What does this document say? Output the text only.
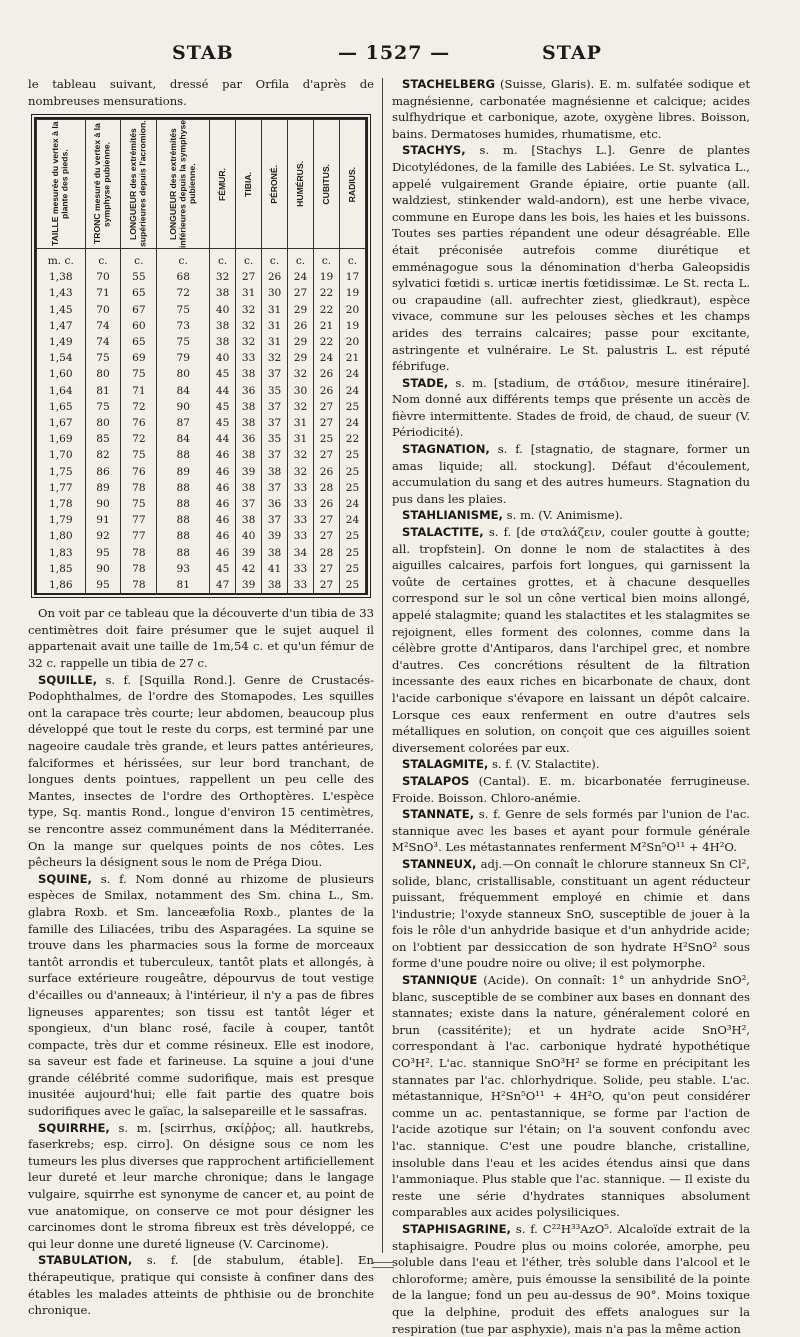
STAB	— 1527 —	STAP

le tableau suivant, dressé par Orfila d'après de nombreuses mensurations.

TAILLE mesurée du vertex à la plante des pieds.	TRONC mesuré du vertex à la symphyse pubienne.	LONGUEUR des extrémités supérieures depuis l'acromion.	LONGUEUR des extrémités inférieures depuis la symphyse pubienne.	FÉMUR.	TIBIA.	PÉRONÉ.	HUMÉRUS.	CUBITUS.	RADIUS.

m. c.	c.	c.	c.	c.	c.	c.	c.	c.	c.
1,38	70	55	68	32	27	26	24	19	17
1,43	71	65	72	38	31	30	27	22	19
1,45	70	67	75	40	32	31	29	22	20
1,47	74	60	73	38	32	31	26	21	19
1,49	74	65	75	38	32	31	29	22	20
1,54	75	69	79	40	33	32	29	24	21
1,60	80	75	80	45	38	37	32	26	24
1,64	81	71	84	44	36	35	30	26	24
1,65	75	72	90	45	38	37	32	27	25
1,67	80	76	87	45	38	37	31	27	24
1,69	85	72	84	44	36	35	31	25	22
1,70	82	75	88	46	38	37	32	27	25
1,75	86	76	89	46	39	38	32	26	25
1,77	89	78	88	46	38	37	33	28	25
1,78	90	75	88	46	37	36	33	26	24
1,79	91	77	88	46	38	37	33	27	24
1,80	92	77	88	46	40	39	33	27	25
1,83	95	78	88	46	39	38	34	28	25
1,85	90	78	93	45	42	41	33	27	25
1,86	95	78	81	47	39	38	33	27	25

On voit par ce tableau que la découverte d'un tibia de 33 centimètres doit faire présumer que le sujet auquel il appartenait avait une taille de 1m,54 c. et qu'un fémur de 32 c. rappelle un tibia de 27 c.

SQUILLE, s. f. [Squilla Rond.]. Genre de Crustacés-Podophthalmes, de l'ordre des Stomapodes. Les squilles ont la carapace très courte; leur abdomen, beaucoup plus développé que tout le reste du corps, est terminé par une nageoire caudale très grande, et leurs pattes antérieures, falciformes et hérissées, sur leur bord tranchant, de longues dents pointues, rappellent un peu celle des Mantes, insectes de l'ordre des Orthoptères. L'espèce type, Sq. mantis Rond., longue d'environ 15 centimètres, se rencontre assez communément dans la Méditerranée. On la mange sur quelques points de nos côtes. Les pêcheurs la désignent sous le nom de Préga Diou.

SQUINE, s. f. Nom donné au rhizome de plusieurs espèces de Smilax, notamment des Sm. china L., Sm. glabra Roxb. et Sm. lanceæfolia Roxb., plantes de la famille des Liliacées, tribu des Asparagées. La squine se trouve dans les pharmacies sous la forme de morceaux tantôt arrondis et tuberculeux, tantôt plats et allongés, à surface extérieure rougeâtre, dépourvus de tout vestige d'écailles ou d'anneaux; à l'intérieur, il n'y a pas de fibres ligneuses apparentes; son tissu est tantôt léger et spongieux, d'un blanc rosé, facile à couper, tantôt compacte, très dur et comme résineux. Elle est inodore, sa saveur est fade et farineuse. La squine a joui d'une grande célébrité comme sudorifique, mais est presque inusitée aujourd'hui; elle fait partie des quatre bois sudorifiques avec le gaïac, la salsepareille et le sassafras.

SQUIRRHE, s. m. [scirrhus, σκίῤῥος; all. hautkrebs, faserkrebs; esp. cirro]. On désigne sous ce nom les tumeurs les plus diverses que rapprochent artificiellement leur dureté et leur marche chronique; dans le langage vulgaire, squirrhe est synonyme de cancer et, au point de vue anatomique, on conserve ce mot pour désigner les carcinomes dont le stroma fibreux est très développé, ce qui leur donne une dureté ligneuse (V. Carcinome).

STABULATION, s. f. [de stabulum, étable]. En thérapeutique, pratique qui consiste à confiner dans des étables les malades atteints de phthisie ou de bronchite chronique.

STACHELBERG (Suisse, Glaris). E. m. sulfatée sodique et magnésienne, carbonatée magnésienne et calcique; acides sulfhydrique et carbonique, azote, oxygène libres. Boisson, bains. Dermatoses humides, rhumatisme, etc.

STACHYS, s. m. [Stachys L.]. Genre de plantes Dicotylédones, de la famille des Labiées. Le St. sylvatica L., appelé vulgairement Grande épiaire, ortie puante (all. waldziest, stinkender wald-andorn), est une herbe vivace, commune en Europe dans les bois, les haies et les buissons. Toutes ses parties répandent une odeur désagréable. Elle était préconisée autrefois comme diurétique et emménagogue sous la dénomination d'herba Galeopsidis sylvatici fœtidi s. urticæ inertis fœtidissimæ. Le St. recta L. ou crapaudine (all. aufrechter ziest, gliedkraut), espèce vivace, commune sur les pelouses sèches et les champs arides des terrains calcaires; passe pour excitante, astringente et vulnéraire. Le St. palustris L. est réputé fébrifuge.

STADE, s. m. [stadium, de στάδιον, mesure itinéraire]. Nom donné aux différents temps que présente un accès de fièvre intermittente. Stades de froid, de chaud, de sueur (V. Périodicité).

STAGNATION, s. f. [stagnatio, de stagnare, former un amas liquide; all. stockung]. Défaut d'écoulement, accumulation du sang et des autres humeurs. Stagnation du pus dans les plaies.

STAHLIANISME, s. m. (V. Animisme).

STALACTITE, s. f. [de σταλάζειν, couler goutte à goutte; all. tropfstein]. On donne le nom de stalactites à des aiguilles calcaires, parfois fort longues, qui garnissent la voûte de certaines grottes, et à chacune desquelles correspond sur le sol un cône vertical bien moins allongé, appelé stalagmite; quand les stalactites et les stalagmites se rejoignent, elles forment des colonnes, comme dans la célèbre grotte d'Antiparos, dans l'archipel grec, et nombre d'autres. Ces concrétions résultent de la filtration incessante des eaux riches en bicarbonate de chaux, dont l'acide carbonique s'évapore en laissant un dépôt calcaire. Lorsque ces eaux renferment en outre d'autres sels métalliques en solution, on conçoit que ces aiguilles soient diversement colorées par eux.

STALAGMITE, s. f. (V. Stalactite).

STALAPOS (Cantal). E. m. bicarbonatée ferrugineuse. Froide. Boisson. Chloro-anémie.

STANNATE, s. f. Genre de sels formés par l'union de l'ac. stannique avec les bases et ayant pour formule générale M²SnO³. Les métastannates renferment M²Sn⁵O¹¹ + 4H²O.

STANNEUX, adj.—On connaît le chlorure stanneux Sn Cl², solide, blanc, cristallisable, constituant un agent réducteur puissant, fréquemment employé en chimie et dans l'industrie; l'oxyde stanneux SnO, susceptible de jouer à la fois le rôle d'un anhydride basique et d'un anhydride acide; on l'obtient par dessiccation de son hydrate H²SnO² sous forme d'une poudre noire ou olive; il est polymorphe.

STANNIQUE (Acide). On connaît: 1° un anhydride SnO², blanc, susceptible de se combiner aux bases en donnant des stannates; existe dans la nature, généralement coloré en brun (cassitérite); et un hydrate acide SnO³H², correspondant à l'ac. carbonique hydraté hypothétique CO³H². L'ac. stannique SnO³H² se forme en précipitant les stannates par l'ac. chlorhydrique. Solide, peu stable. L'ac. métastannique, H²Sn⁵O¹¹ + 4H²O, qu'on peut considérer comme un ac. pentastannique, se forme par l'action de l'acide azotique sur l'étain; on l'a souvent confondu avec l'ac. stannique. C'est une poudre blanche, cristalline, insoluble dans l'eau et les acides étendus ainsi que dans l'ammoniaque. Plus stable que l'ac. stannique. — Il existe du reste une série d'hydrates stanniques absolument comparables aux acides polysiliciques.

STAPHISAGRINE, s. f. C²²H³³AzO⁵. Alcaloïde extrait de la staphisaigre. Poudre plus ou moins colorée, amorphe, peu soluble dans l'eau et l'éther, très soluble dans l'alcool et le chloroforme; amère, puis émousse la sensibilité de la pointe de la langue; fond un peu au-dessus de 90°. Moins toxique que la delphine, produit des effets analogues sur la respiration (tue par asphyxie), mais n'a pas la même action
